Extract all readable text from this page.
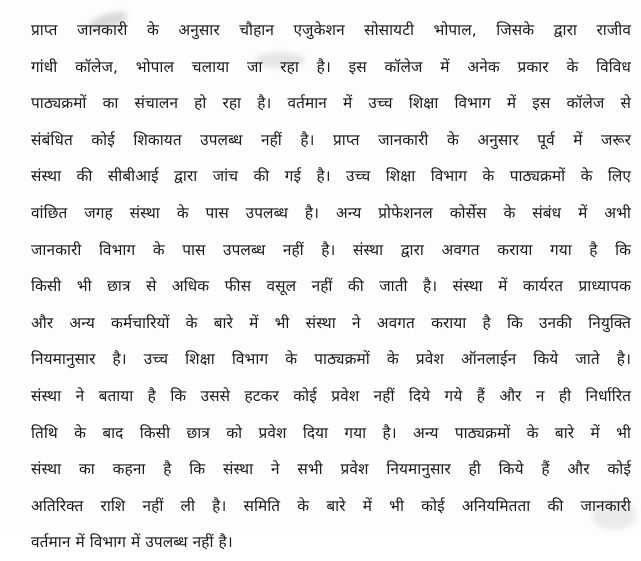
प्राप्त जानकारी के अनुसार चौहान एजुकेशन सोसायटी भोपाल, जिसके द्वारा राजीव
गांधी कॉलेज, भोपाल चलाया जा रहा है। इस कॉलेज में अनेक प्रकार के विविध
पाठ्यक्रमों का संचालन हो रहा है। वर्तमान में उच्च शिक्षा विभाग में इस कॉलेज से
संबंधित कोई शिकायत उपलब्ध नहीं है। प्राप्त जानकारी के अनुसार पूर्व में जरूर
संस्था की सीबीआई द्वारा जांच की गई है। उच्च शिक्षा विभाग के पाठ्यक्रमों के लिए
वांछित जगह संस्था के पास उपलब्ध है। अन्य प्रोफेशनल कोर्सेस के संबंध में अभी
जानकारी विभाग के पास उपलब्ध नहीं है। संस्था द्वारा अवगत कराया गया है कि
किसी भी छात्र से अधिक फीस वसूल नहीं की जाती है। संस्था में कार्यरत प्राध्यापक
और अन्य कर्मचारियों के बारे में भी संस्था ने अवगत कराया है कि उनकी नियुक्ति
नियमानुसार है। उच्च शिक्षा विभाग के पाठ्यक्रमों के प्रवेश ऑनलाईन किये जाते है।
संस्था ने बताया है कि उससे हटकर कोई प्रवेश नहीं दिये गये हैं और न ही निर्धारित
तिथि के बाद किसी छात्र को प्रवेश दिया गया है। अन्य पाठ्यक्रमों के बारे में भी
संस्था का कहना है कि संस्था ने सभी प्रवेश नियमानुसार ही किये हैं और कोई
अतिरिक्त राशि नहीं ली है। समिति के बारे में भी कोई अनियमितता की जानकारी
वर्तमान में विभाग में उपलब्ध नहीं है।
